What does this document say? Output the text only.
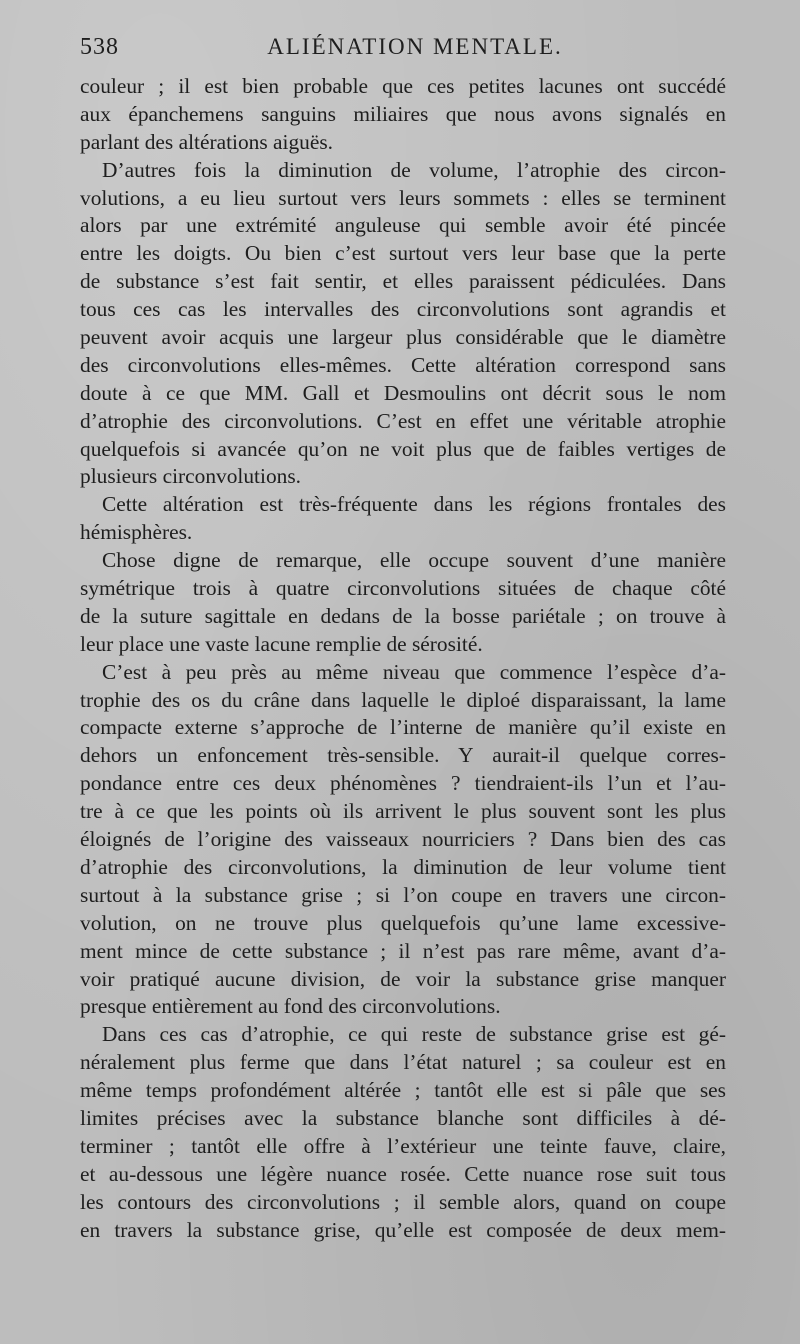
538	ALIÉNATION MENTALE.
couleur ; il est bien probable que ces petites lacunes ont succédé
aux épanchemens sanguins miliaires que nous avons signalés en
parlant des altérations aiguës.
D’autres fois la diminution de volume, l’atrophie des circon-
volutions, a eu lieu surtout vers leurs sommets : elles se terminent
alors par une extrémité anguleuse qui semble avoir été pincée
entre les doigts. Ou bien c’est surtout vers leur base que la perte
de substance s’est fait sentir, et elles paraissent pédiculées. Dans
tous ces cas les intervalles des circonvolutions sont agrandis et
peuvent avoir acquis une largeur plus considérable que le diamètre
des circonvolutions elles-mêmes. Cette altération correspond sans
doute à ce que MM. Gall et Desmoulins ont décrit sous le nom
d’atrophie des circonvolutions. C’est en effet une véritable atrophie
quelquefois si avancée qu’on ne voit plus que de faibles vertiges de
plusieurs circonvolutions.
Cette altération est très-fréquente dans les régions frontales des
hémisphères.
Chose digne de remarque, elle occupe souvent d’une manière
symétrique trois à quatre circonvolutions situées de chaque côté
de la suture sagittale en dedans de la bosse pariétale ; on trouve à
leur place une vaste lacune remplie de sérosité.
C’est à peu près au même niveau que commence l’espèce d’a-
trophie des os du crâne dans laquelle le diploé disparaissant, la lame
compacte externe s’approche de l’interne de manière qu’il existe en
dehors un enfoncement très-sensible. Y aurait-il quelque corres-
pondance entre ces deux phénomènes ? tiendraient-ils l’un et l’au-
tre à ce que les points où ils arrivent le plus souvent sont les plus
éloignés de l’origine des vaisseaux nourriciers ? Dans bien des cas
d’atrophie des circonvolutions, la diminution de leur volume tient
surtout à la substance grise ; si l’on coupe en travers une circon-
volution, on ne trouve plus quelquefois qu’une lame excessive-
ment mince de cette substance ; il n’est pas rare même, avant d’a-
voir pratiqué aucune division, de voir la substance grise manquer
presque entièrement au fond des circonvolutions.
Dans ces cas d’atrophie, ce qui reste de substance grise est gé-
néralement plus ferme que dans l’état naturel ; sa couleur est en
même temps profondément altérée ; tantôt elle est si pâle que ses
limites précises avec la substance blanche sont difficiles à dé-
terminer ; tantôt elle offre à l’extérieur une teinte fauve, claire,
et au-dessous une légère nuance rosée. Cette nuance rose suit tous
les contours des circonvolutions ; il semble alors, quand on coupe
en travers la substance grise, qu’elle est composée de deux mem-
